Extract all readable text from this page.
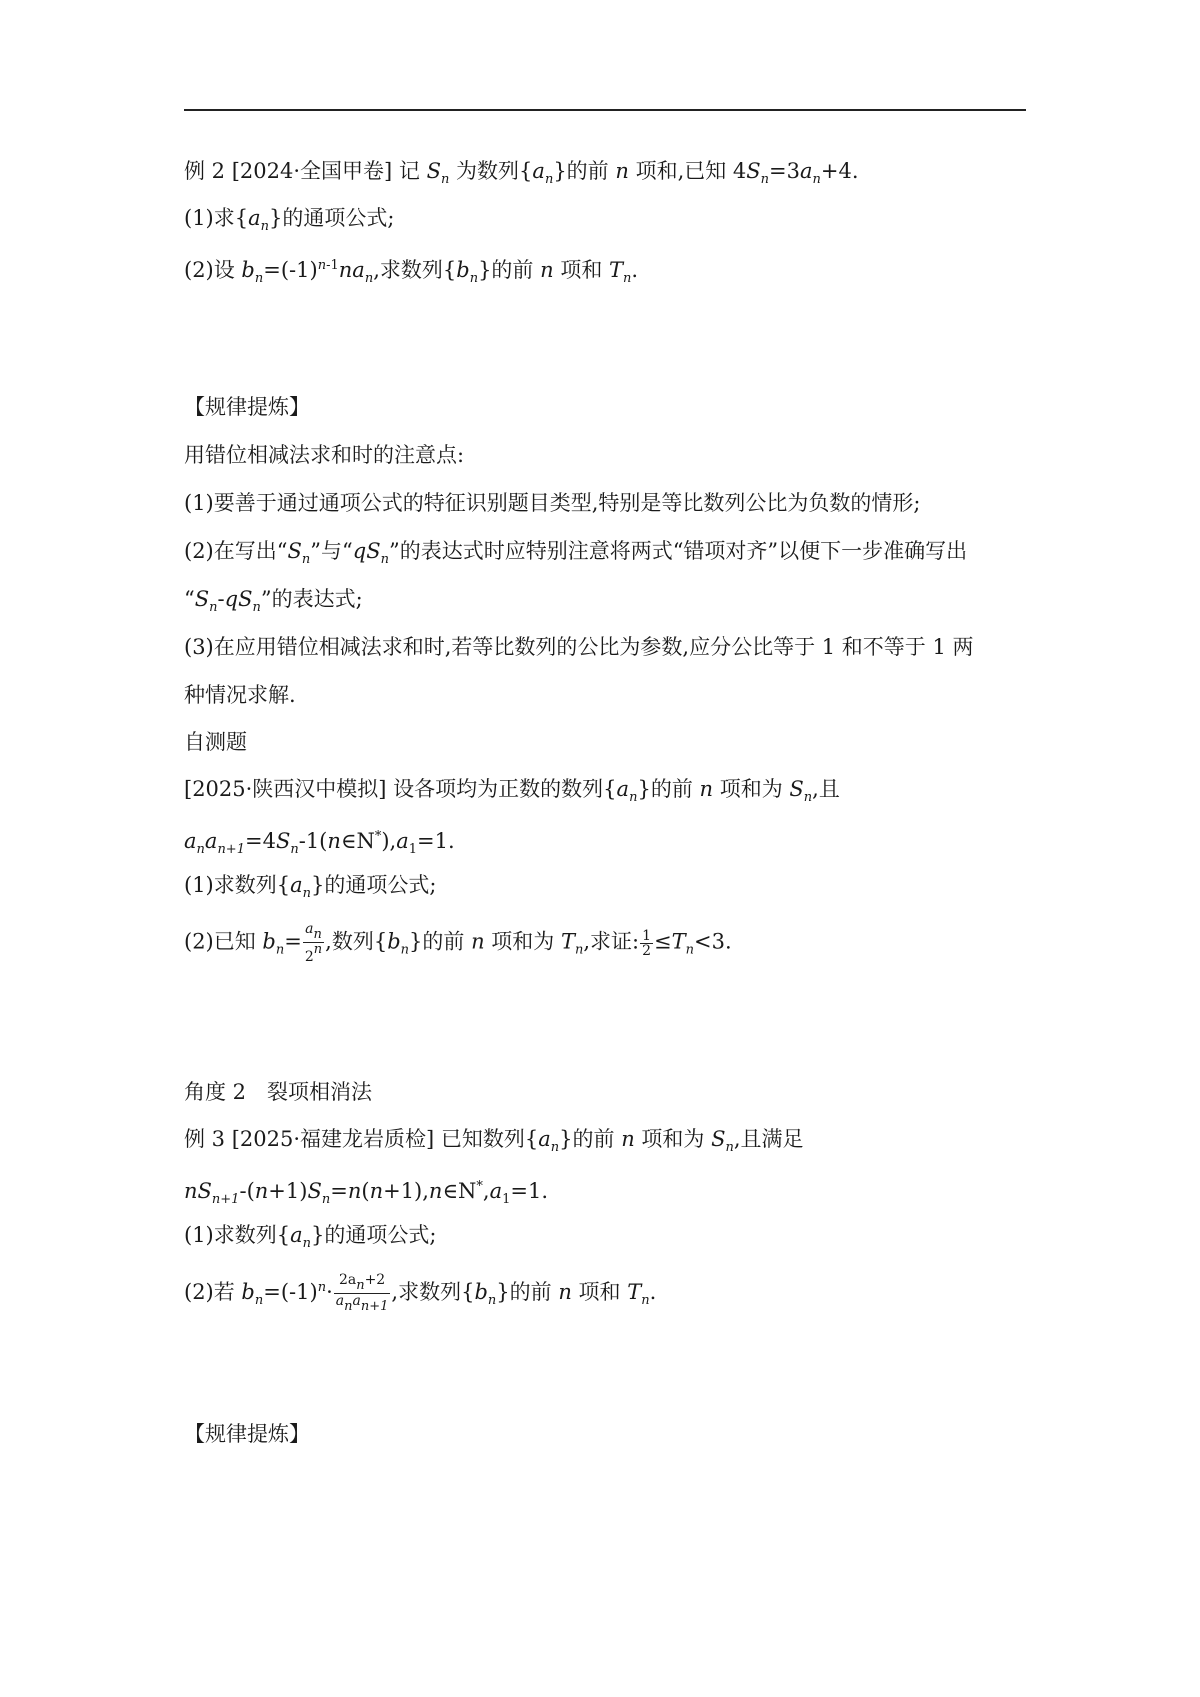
例 2 [2024·全国甲卷] 记 $S_n$ 为数列$\{a_n\}$的前 n 项和,已知 $4S_n=3a_n+4$.
(1)求$\{a_n\}$的通项公式;
(2)设 $b_n=(-1)^{n-1}na_n$,求数列$\{b_n\}$的前 n 项和 $T_n$.
【规律提炼】
用错位相减法求和时的注意点:
(1)要善于通过通项公式的特征识别题目类型,特别是等比数列公比为负数的情形;
(2)在写出“$S_n$”与“$qS_n$”的表达式时应特别注意将两式“错项对齐”以便下一步准确写出
“$S_n-qS_n$”的表达式;
(3)在应用错位相减法求和时,若等比数列的公比为参数,应分公比等于 1 和不等于 1 两
种情况求解.
自测题
[2025·陕西汉中模拟] 设各项均为正数的数列$\{a_n\}$的前 n 项和为 $S_n$,且
$a_na_{n+1}=4S_n-1(n\in N^*),a_1=1$.
(1)求数列$\{a_n\}$的通项公式;
(2)已知 $b_n= \frac{a_n}{2^n}$ ,数列$\{b_n\}$的前 n 项和为 $T_n$,求证: $\frac{1}{2} \le T_n<3$.
角度 2　裂项相消法
例 3 [2025·福建龙岩质检] 已知数列$\{a_n\}$的前 n 项和为 $S_n$,且满足
$nS_{n+1}-(n+1)S_n=n(n+1),n\in N^*,a_1=1$.
(1)求数列$\{a_n\}$的通项公式;
(2)若 $b_n=(-1)^n\cdot \frac{2a_n+2}{a_na_{n+1}}$ ,求数列$\{b_n\}$的前 n 项和 $T_n$.
【规律提炼】
